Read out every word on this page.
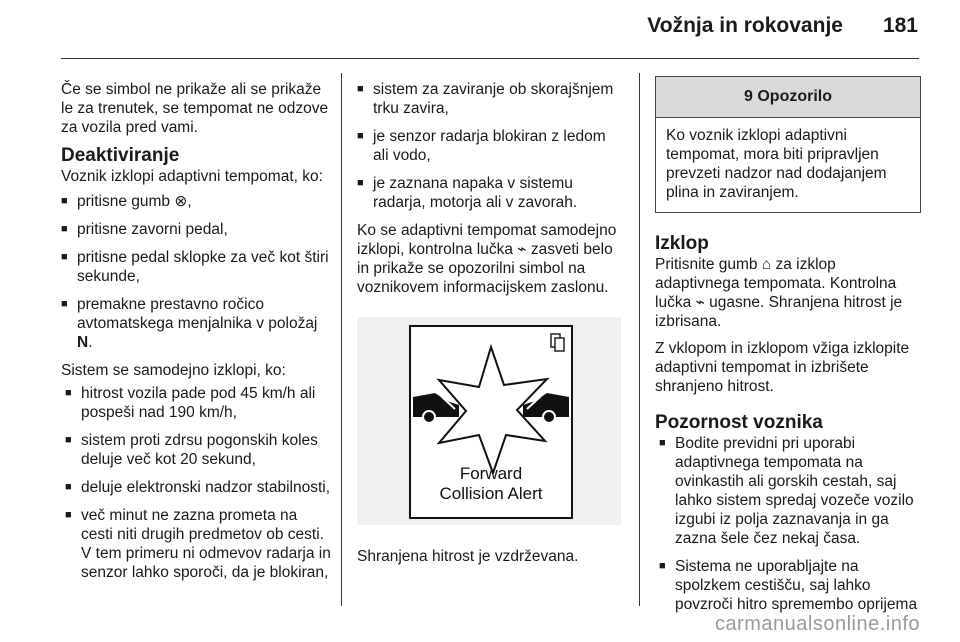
Vožnja in rokovanje 181

Če se simbol ne prikaže ali se prikaže le za trenutek, se tempomat ne odzove za vozila pred vami.

Deaktiviranje

Voznik izklopi adaptivni tempomat, ko:

■ pritisne gumb ⊗,
■ pritisne zavorni pedal,
■ pritisne pedal sklopke za več kot štiri sekunde,
■ premakne prestavno ročico avtomatskega menjalnika v položaj N.

Sistem se samodejno izklopi, ko:

■ hitrost vozila pade pod 45 km/h ali pospeši nad 190 km/h,
■ sistem proti zdrsu pogonskih koles deluje več kot 20 sekund,
■ deluje elektronski nadzor stabilnosti,
■ več minut ne zazna prometa na cesti niti drugih predmetov ob cesti. V tem primeru ni odmevov radarja in senzor lahko sporoči, da je blokiran,
■ sistem za zaviranje ob skorajšnjem trku zavira,
■ je senzor radarja blokiran z ledom ali vodo,
■ je zaznana napaka v sistemu radarja, motorja ali v zavorah.

Ko se adaptivni tempomat samodejno izklopi, kontrolna lučka ⌁ zasveti belo in prikaže se opozorilni simbol na voznikovem informacijskem zaslonu.

Forward
Collision Alert

Shranjena hitrost je vzdrževana.

9 Opozorilo
Ko voznik izklopi adaptivni tempomat, mora biti pripravljen prevzeti nadzor nad dodajanjem plina in zaviranjem.
Izklop

Pritisnite gumb ⌂ za izklop adaptivnega tempomata. Kontrolna lučka ⌁ ugasne. Shranjena hitrost je izbrisana.

Z vklopom in izklopom vžiga izklopite adaptivni tempomat in izbrišete shranjeno hitrost.

Pozornost voznika
■ Bodite previdni pri uporabi adaptivnega tempomata na ovinkastih ali gorskih cestah, saj lahko sistem spredaj vozeče vozilo izgubi iz polja zaznavanja in ga zazna šele čez nekaj časa.
■ Sistema ne uporabljajte na spolzkem cestišču, saj lahko povzroči hitro spremembo oprijema
carmanualsonline.info
